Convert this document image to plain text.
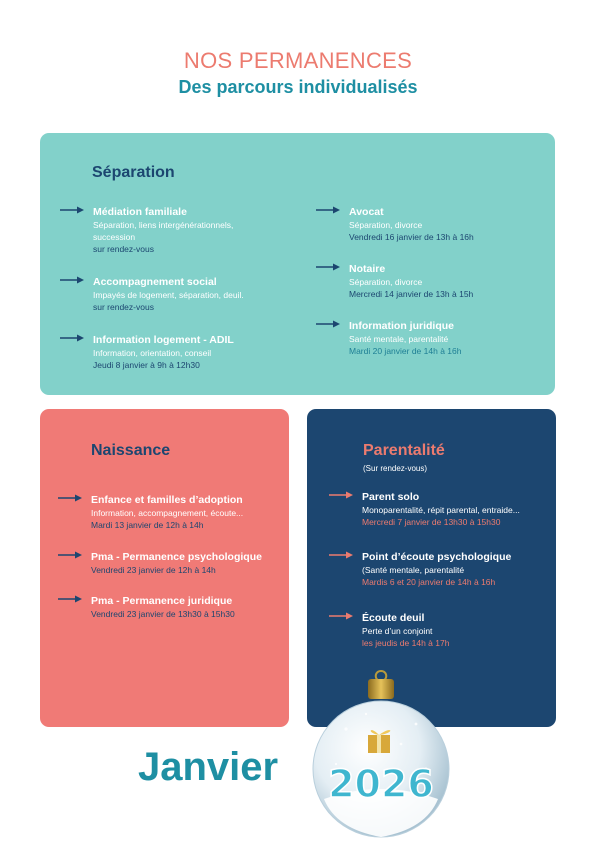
NOS PERMANENCES
Des parcours individualisés
Séparation
Médiation familiale
Séparation, liens intergénérationnels,
succession
sur rendez-vous
Accompagnement social
Impayés de logement, séparation, deuil.
sur rendez-vous
Information logement - ADIL
Information, orientation, conseil
Jeudi 8 janvier à 9h à 12h30
Avocat
Séparation, divorce
Vendredi 16 janvier de 13h à 16h
Notaire
Séparation, divorce
Mercredi 14 janvier de 13h à 15h
Information juridique
Santé mentale, parentalité
Mardi 20 janvier de 14h à 16h
Naissance
Enfance et familles d’adoption
Information, accompagnement, écoute...
Mardi 13 janvier de 12h à 14h
Pma - Permanence psychologique
Vendredi 23 janvier de 12h à 14h
Pma - Permanence juridique
Vendredi 23 janvier de 13h30 à 15h30
Parentalité
(Sur rendez-vous)
Parent solo
Monoparentalité, répit parental, entraide...
Mercredi 7 janvier de 13h30 à 15h30
Point d’écoute psychologique
(Santé mentale, parentalité
Mardis 6 et 20 janvier de 14h à 16h
Écoute deuil
Perte d’un conjoint
les jeudis de 14h à 17h
Janvier 2026
